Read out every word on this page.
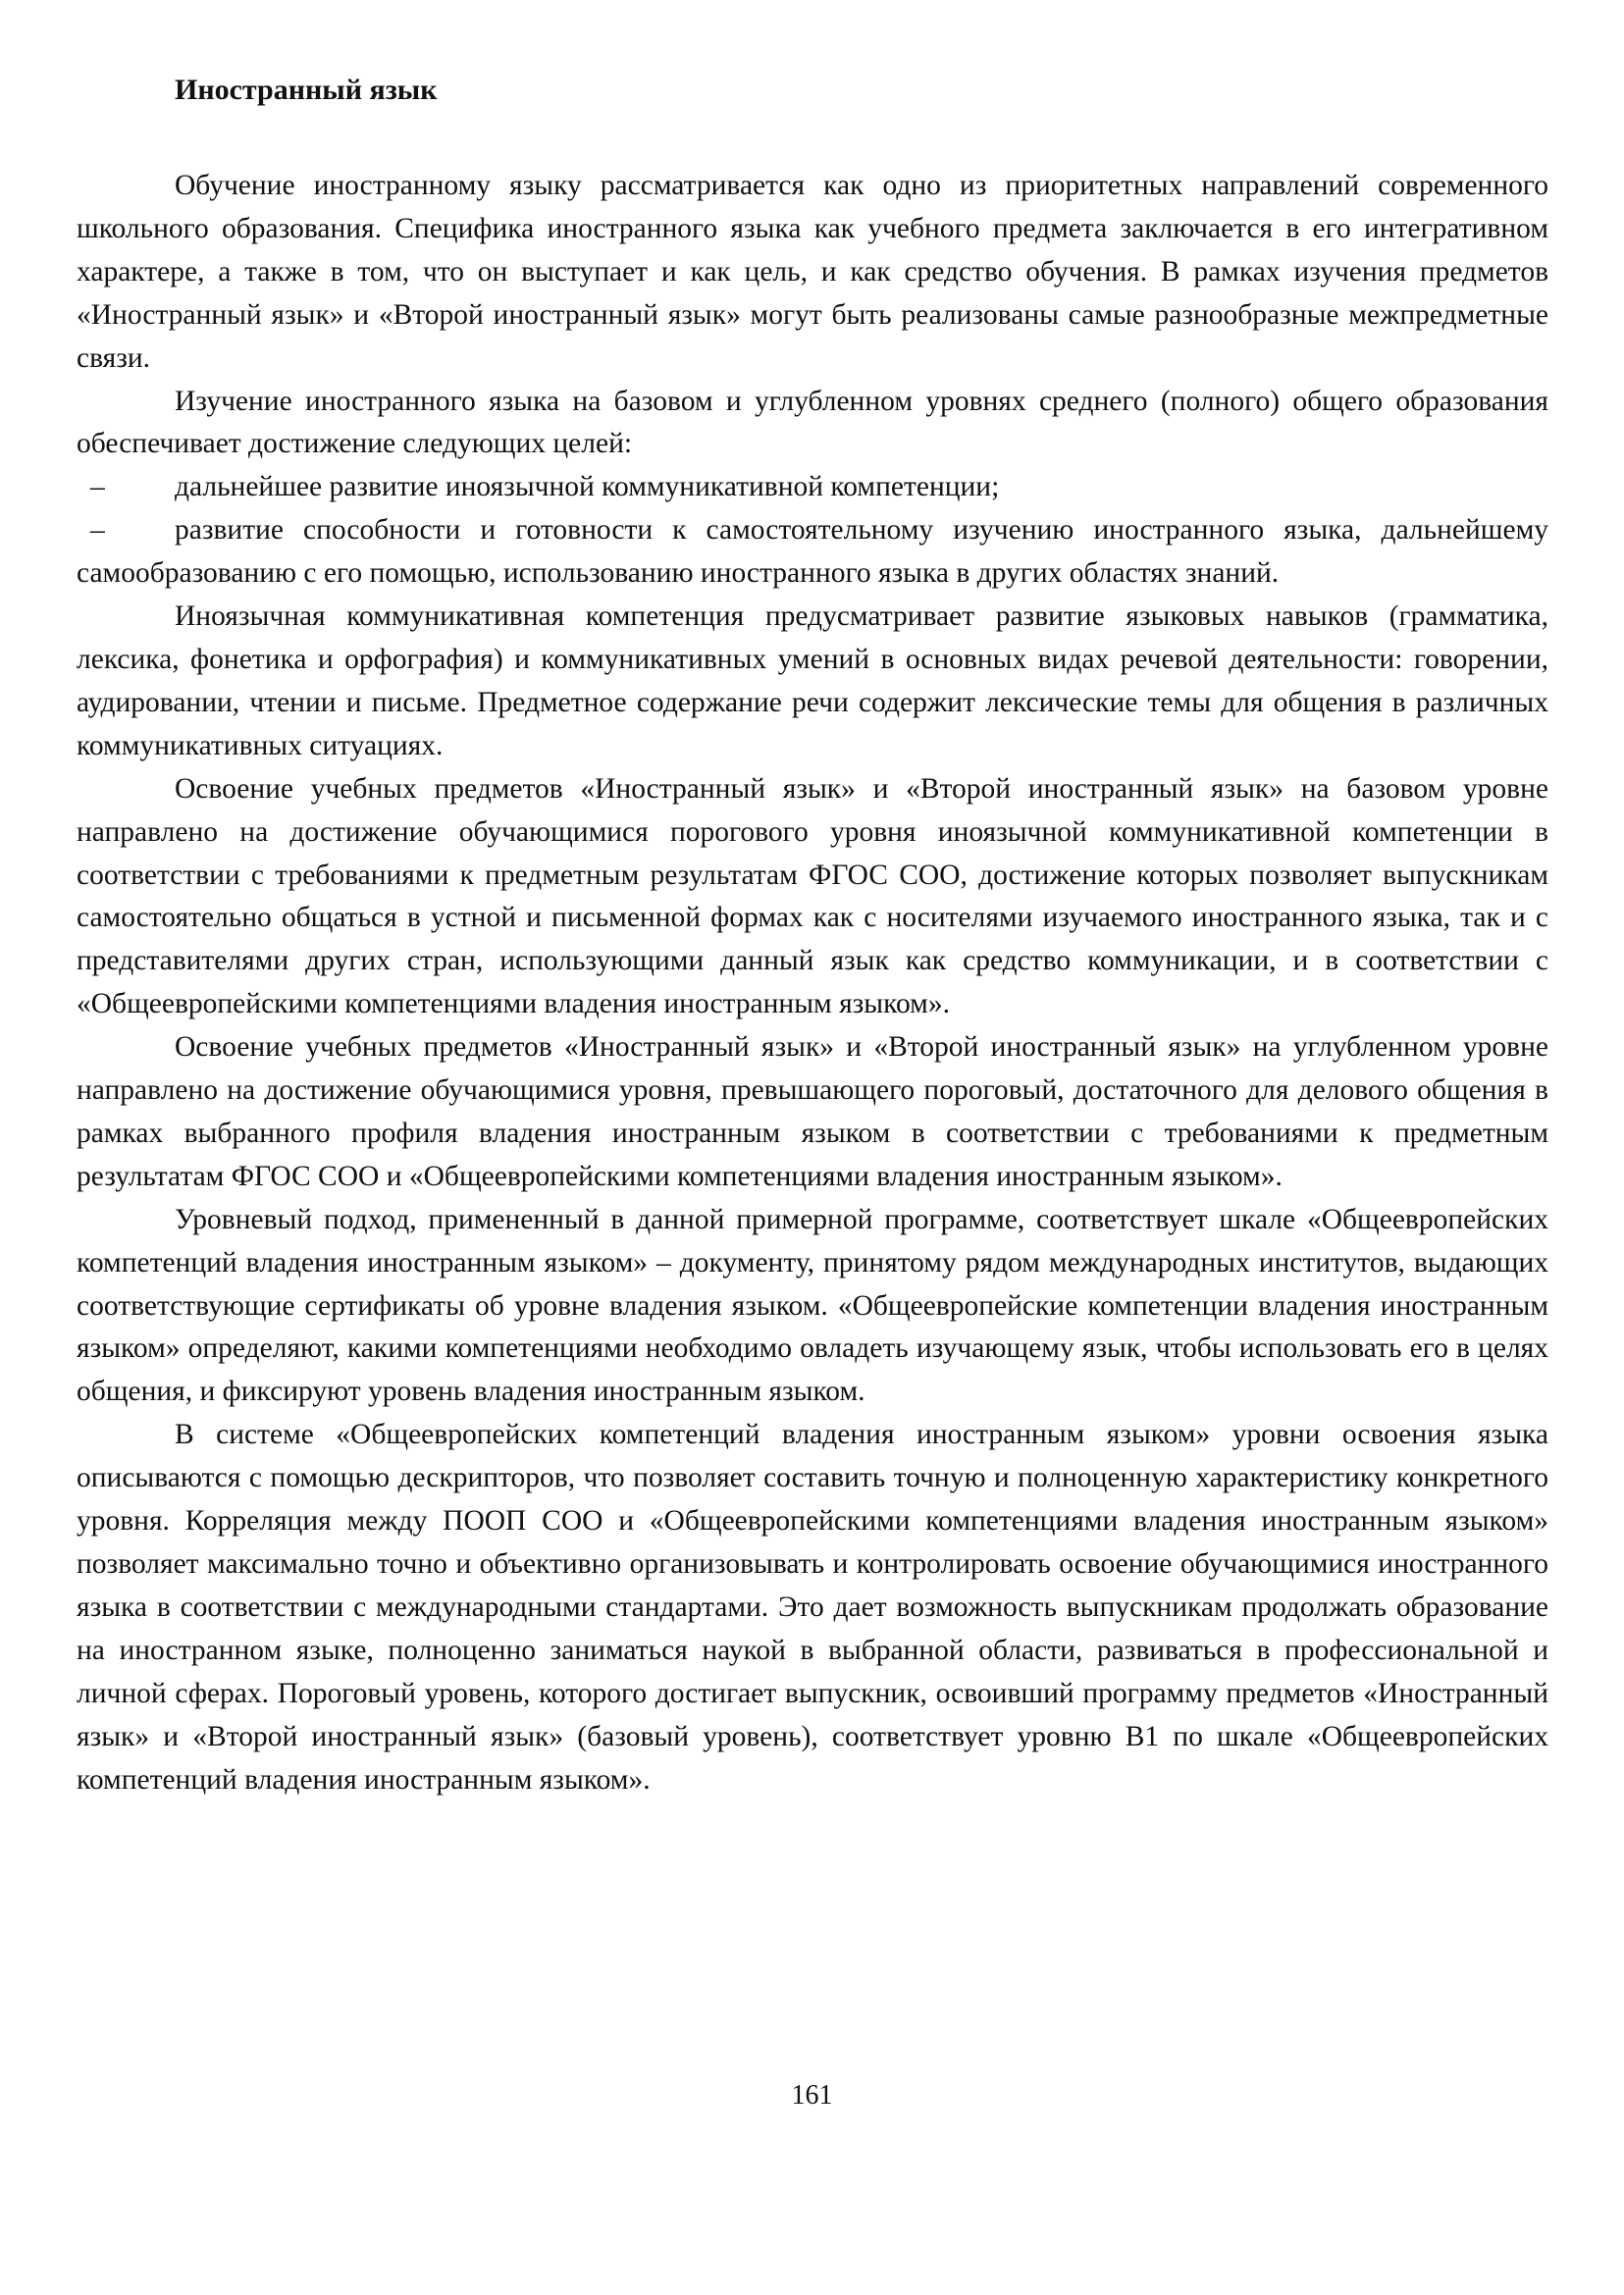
Иностранный язык

Обучение иностранному языку рассматривается как одно из приоритетных направлений современного школьного образования. Специфика иностранного языка как учебного предмета заключается в его интегративном характере, а также в том, что он выступает и как цель, и как средство обучения. В рамках изучения предметов «Иностранный язык» и «Второй иностранный язык» могут быть реализованы самые разнообразные межпредметные связи.

Изучение иностранного языка на базовом и углубленном уровнях среднего (полного) общего образования обеспечивает достижение следующих целей:

– дальнейшее развитие иноязычной коммуникативной компетенции;
– развитие способности и готовности к самостоятельному изучению иностранного языка, дальнейшему самообразованию с его помощью, использованию иностранного языка в других областях знаний.

Иноязычная коммуникативная компетенция предусматривает развитие языковых навыков (грамматика, лексика, фонетика и орфография) и коммуникативных умений в основных видах речевой деятельности: говорении, аудировании, чтении и письме. Предметное содержание речи содержит лексические темы для общения в различных коммуникативных ситуациях.

Освоение учебных предметов «Иностранный язык» и «Второй иностранный язык» на базовом уровне направлено на достижение обучающимися порогового уровня иноязычной коммуникативной компетенции в соответствии с требованиями к предметным результатам ФГОС СОО, достижение которых позволяет выпускникам самостоятельно общаться в устной и письменной формах как с носителями изучаемого иностранного языка, так и с представителями других стран, использующими данный язык как средство коммуникации, и в соответствии с «Общеевропейскими компетенциями владения иностранным языком».

Освоение учебных предметов «Иностранный язык» и «Второй иностранный язык» на углубленном уровне направлено на достижение обучающимися уровня, превышающего пороговый, достаточного для делового общения в рамках выбранного профиля владения иностранным языком в соответствии с требованиями к предметным результатам ФГОС СОО и «Общеевропейскими компетенциями владения иностранным языком».

Уровневый подход, примененный в данной примерной программе, соответствует шкале «Общеевропейских компетенций владения иностранным языком» – документу, принятому рядом международных институтов, выдающих соответствующие сертификаты об уровне владения языком. «Общеевропейские компетенции владения иностранным языком» определяют, какими компетенциями необходимо овладеть изучающему язык, чтобы использовать его в целях общения, и фиксируют уровень владения иностранным языком.

В системе «Общеевропейских компетенций владения иностранным языком» уровни освоения языка описываются с помощью дескрипторов, что позволяет составить точную и полноценную характеристику конкретного уровня. Корреляция между ПООП СОО и «Общеевропейскими компетенциями владения иностранным языком» позволяет максимально точно и объективно организовывать и контролировать освоение обучающимися иностранного языка в соответствии с международными стандартами. Это дает возможность выпускникам продолжать образование на иностранном языке, полноценно заниматься наукой в выбранной области, развиваться в профессиональной и личной сферах. Пороговый уровень, которого достигает выпускник, освоивший программу предметов «Иностранный язык» и «Второй иностранный язык» (базовый уровень), соответствует уровню В1 по шкале «Общеевропейских компетенций владения иностранным языком».

161
